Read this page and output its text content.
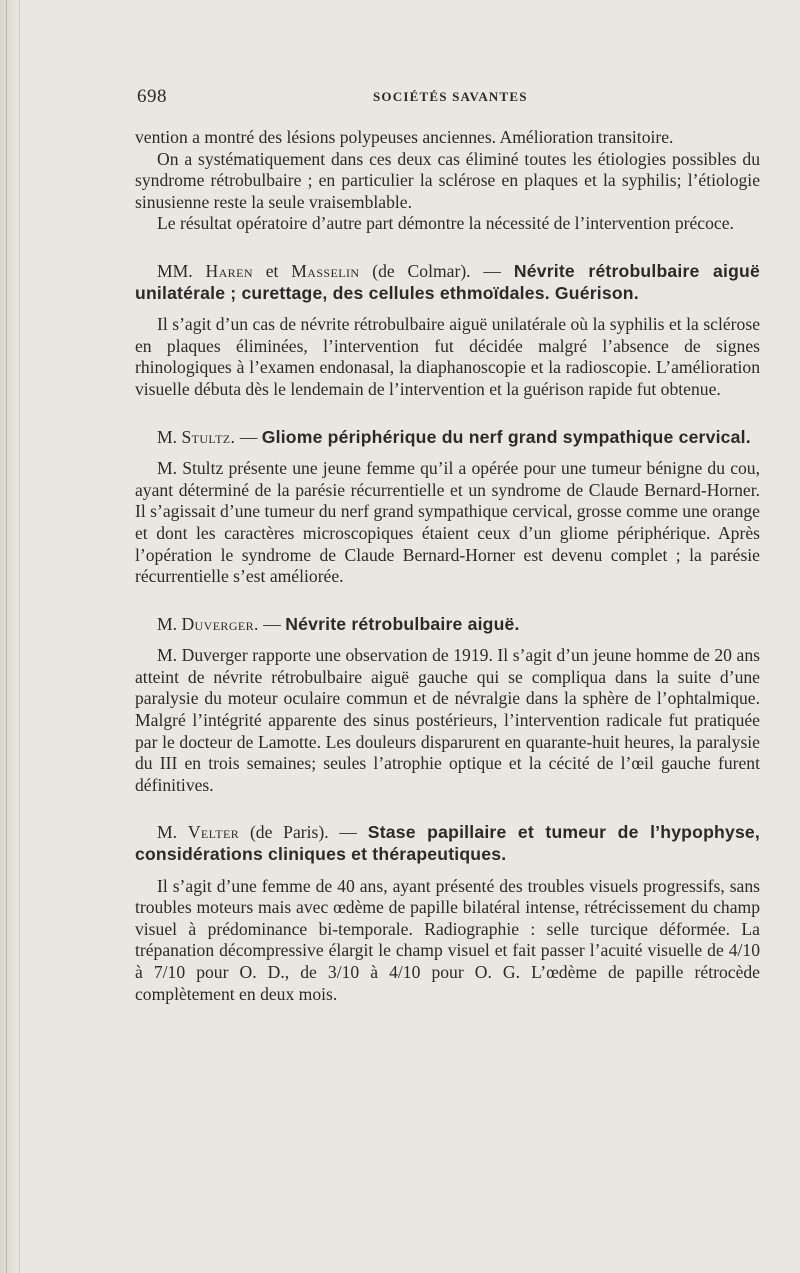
698	SOCIÉTÉS SAVANTES

vention a montré des lésions polypeuses anciennes. Amélioration transitoire.

On a systématiquement dans ces deux cas éliminé toutes les étiologies possibles du syndrome rétrobulbaire ; en particulier la sclérose en plaques et la syphilis; l’étiologie sinusienne reste la seule vraisemblable.

Le résultat opératoire d’autre part démontre la nécessité de l’intervention précoce.

MM. Haren et Masselin (de Colmar). — Névrite rétrobulbaire aiguë unilatérale ; curettage, des cellules ethmoïdales. Guérison.

Il s’agit d’un cas de névrite rétrobulbaire aiguë unilatérale où la syphilis et la sclérose en plaques éliminées, l’intervention fut décidée malgré l’absence de signes rhinologiques à l’examen endonasal, la diaphanoscopie et la radioscopie. L’amélioration visuelle débuta dès le lendemain de l’intervention et la guérison rapide fut obtenue.

M. Stultz. — Gliome périphérique du nerf grand sympathique cervical.

M. Stultz présente une jeune femme qu’il a opérée pour une tumeur bénigne du cou, ayant déterminé de la parésie récurrentielle et un syndrome de Claude Bernard-Horner. Il s’agissait d’une tumeur du nerf grand sympathique cervical, grosse comme une orange et dont les caractères microscopiques étaient ceux d’un gliome périphérique. Après l’opération le syndrome de Claude Bernard-Horner est devenu complet ; la parésie récurrentielle s’est améliorée.

M. Duverger. — Névrite rétrobulbaire aiguë.

M. Duverger rapporte une observation de 1919. Il s’agit d’un jeune homme de 20 ans atteint de névrite rétrobulbaire aiguë gauche qui se compliqua dans la suite d’une paralysie du moteur oculaire commun et de névralgie dans la sphère de l’ophtalmique. Malgré l’intégrité apparente des sinus postérieurs, l’intervention radicale fut pratiquée par le docteur de Lamotte. Les douleurs disparurent en quarante-huit heures, la paralysie du III en trois semaines; seules l’atrophie optique et la cécité de l’œil gauche furent définitives.

M. Velter (de Paris). — Stase papillaire et tumeur de l’hypophyse, considérations cliniques et thérapeutiques.

Il s’agit d’une femme de 40 ans, ayant présenté des troubles visuels progressifs, sans troubles moteurs mais avec œdème de papille bilatéral intense, rétrécissement du champ visuel à prédominance bi-temporale. Radiographie : selle turcique déformée. La trépanation décompressive élargit le champ visuel et fait passer l’acuité visuelle de 4/10 à 7/10 pour O. D., de 3/10 à 4/10 pour O. G. L’œdème de papille rétrocède complètement en deux mois.
